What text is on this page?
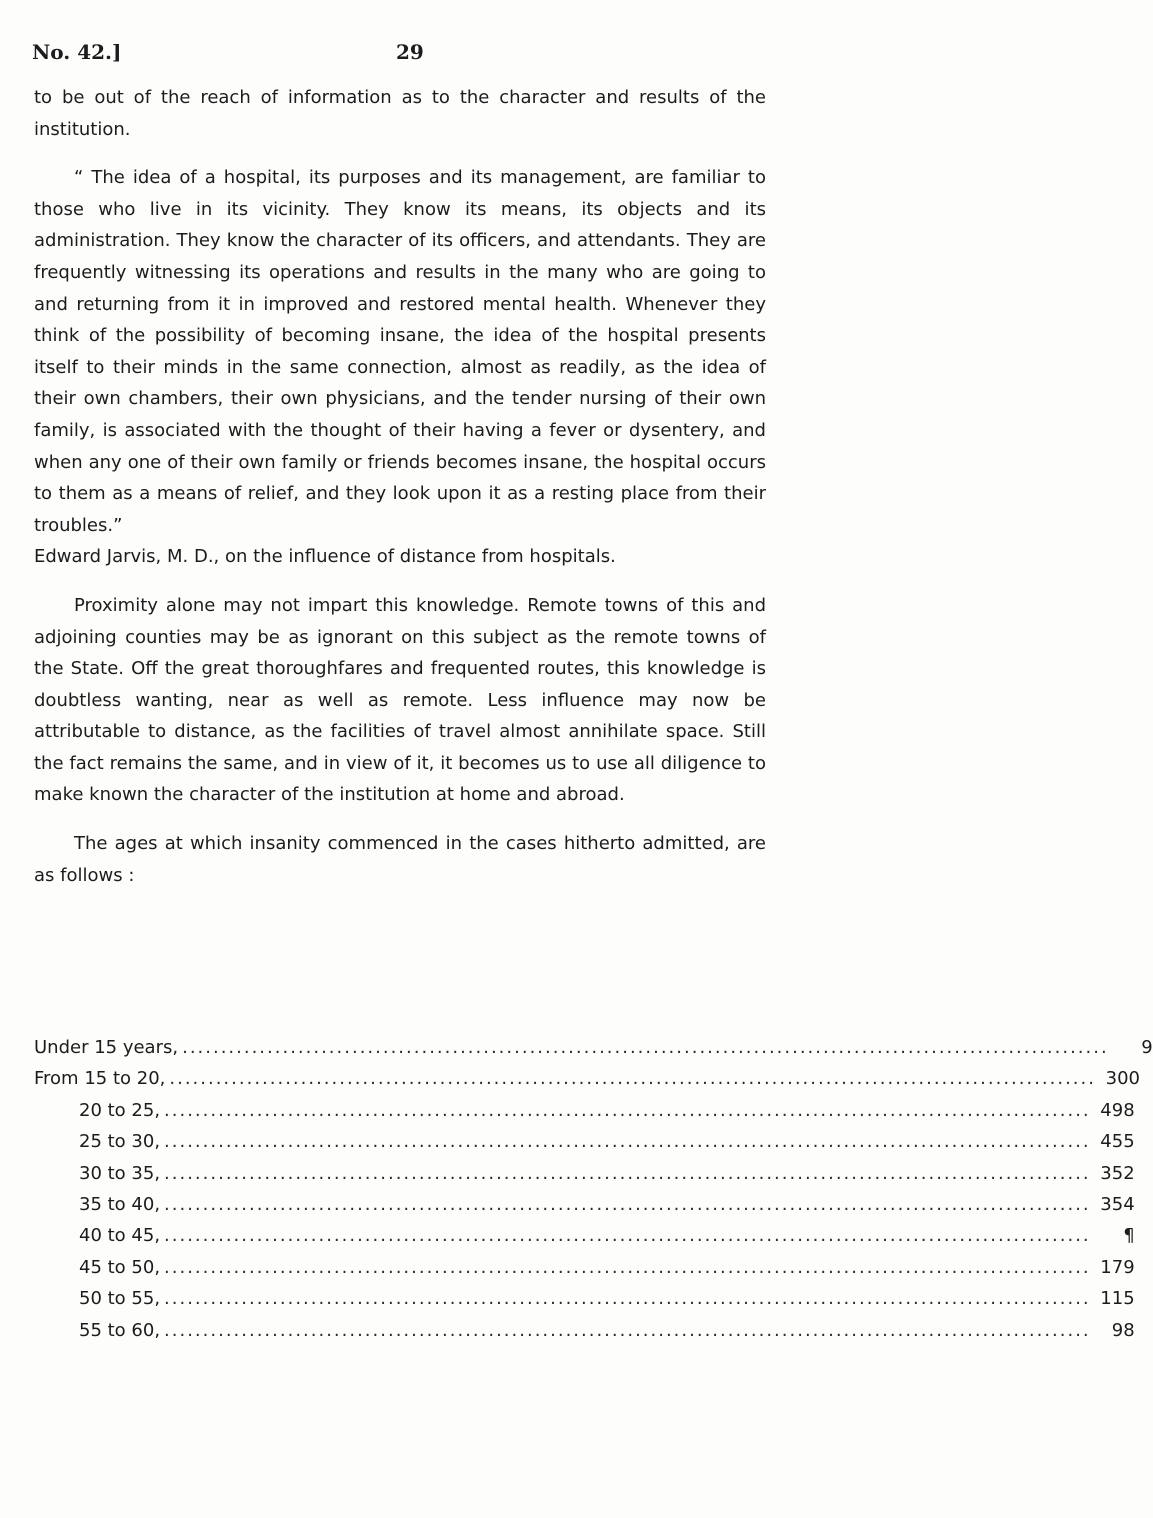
No. 42.]	29

to be out of the reach of information as to the character and results of the institution.

“ The idea of a hospital, its purposes and its management, are familiar to those who live in its vicinity. They know its means, its objects and its administration. They know the character of its officers, and attendants. They are frequently witnessing its operations and results in the many who are going to and returning from it in improved and restored mental health. Whenever they think of the possibility of becoming insane, the idea of the hospital presents itself to their minds in the same connection, almost as readily, as the idea of their own chambers, their own physicians, and the tender nursing of their own family, is associated with the thought of their having a fever or dysentery, and when any one of their own family or friends becomes insane, the hospital occurs to them as a means of relief, and they look upon it as a resting place from their troubles.”

Edward Jarvis, M. D., on the influence of distance from hospitals.

Proximity alone may not impart this knowledge. Remote towns of this and adjoining counties may be as ignorant on this subject as the remote towns of the State. Off the great thoroughfares and frequented routes, this knowledge is doubtless wanting, near as well as remote. Less influence may now be attributable to distance, as the facilities of travel almost annihilate space. Still the fact remains the same, and in view of it, it becomes us to use all diligence to make known the character of the institution at home and abroad.

The ages at which insanity commenced in the cases hitherto admitted, are as follows :

Under 15 years, ........................................................................................................................	9
From 15 to 20, ........................................................................................................................ 300
20 to 25, ........................................................................................................................ 498
25 to 30, ........................................................................................................................ 455
30 to 35, ........................................................................................................................ 352
35 to 40, ........................................................................................................................ 354
40 to 45, ........................................................................................................................	¶
45 to 50, ........................................................................................................................ 179
50 to 55, ........................................................................................................................ 115
55 to 60, ........................................................................................................................	98
